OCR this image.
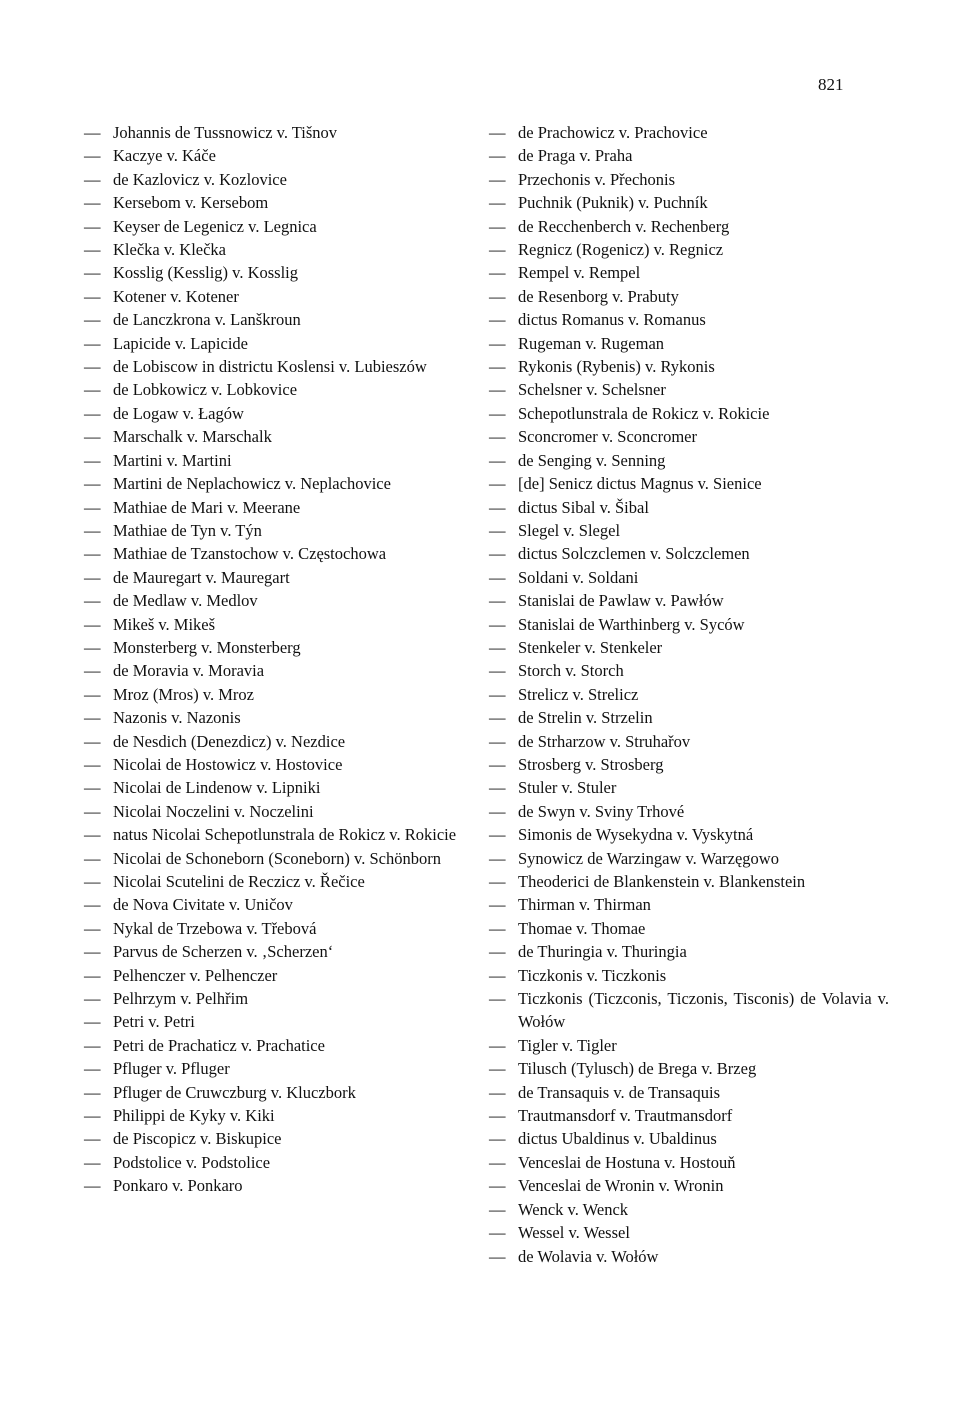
821
— Johannis de Tussnowicz v. Tišnov
— Kaczye v. Káče
— de Kazlovicz v. Kozlovice
— Kersebom v. Kersebom
— Keyser de Legenicz v. Legnica
— Klečka v. Klečka
— Kosslig (Kesslig) v. Kosslig
— Kotener v. Kotener
— de Lanczkrona v. Lanškroun
— Lapicide v. Lapicide
— de Lobiscow in districtu Koslensi v. Lubieszów
— de Lobkowicz v. Lobkovice
— de Logaw v. Łagów
— Marschalk v. Marschalk
— Martini v. Martini
— Martini de Neplachowicz v. Neplachovice
— Mathiae de Mari v. Meerane
— Mathiae de Tyn v. Týn
— Mathiae de Tzanstochow v. Częstochowa
— de Mauregart v. Mauregart
— de Medlaw v. Medlov
— Mikeš v. Mikeš
— Monsterberg v. Monsterberg
— de Moravia v. Moravia
— Mroz (Mros) v. Mroz
— Nazonis v. Nazonis
— de Nesdich (Denezdicz) v. Nezdice
— Nicolai de Hostowicz v. Hostovice
— Nicolai de Lindenow v. Lipniki
— Nicolai Noczelini v. Noczelini
— natus Nicolai Schepotlunstrala de Rokicz v. Rokicie
— Nicolai de Schoneborn (Sconeborn) v. Schönborn
— Nicolai Scutelini de Reczicz v. Řečice
— de Nova Civitate v. Uničov
— Nykal de Trzebowa v. Třebová
— Parvus de Scherzen v. ‚Scherzen‘
— Pelhenczer v. Pelhenczer
— Pelhrzym v. Pelhřim
— Petri v. Petri
— Petri de Prachaticz v. Prachatice
— Pfluger v. Pfluger
— Pfluger de Cruwczburg v. Kluczbork
— Philippi de Kyky v. Kiki
— de Piscopicz v. Biskupice
— Podstolice v. Podstolice
— Ponkaro v. Ponkaro
— de Prachowicz v. Prachovice
— de Praga v. Praha
— Przechonis v. Přechonis
— Puchnik (Puknik) v. Puchník
— de Recchenberch v. Rechenberg
— Regnicz (Rogenicz) v. Regnicz
— Rempel v. Rempel
— de Resenborg v. Prabuty
— dictus Romanus v. Romanus
— Rugeman v. Rugeman
— Rykonis (Rybenis) v. Rykonis
— Schelsner v. Schelsner
— Schepotlunstrala de Rokicz v. Rokicie
— Sconcromer v. Sconcromer
— de Senging v. Senning
— [de] Senicz dictus Magnus v. Sienice
— dictus Sibal v. Šibal
— Slegel v. Slegel
— dictus Solczclemen v. Solczclemen
— Soldani v. Soldani
— Stanislai de Pawlaw v. Pawłów
— Stanislai de Warthinberg v. Syców
— Stenkeler v. Stenkeler
— Storch v. Storch
— Strelicz v. Strelicz
— de Strelin v. Strzelin
— de Strharzow v. Struhařov
— Strosberg v. Strosberg
— Stuler v. Stuler
— de Swyn v. Sviny Trhové
— Simonis de Wysekydna v. Vyskytná
— Synowicz de Warzingaw v. Warzęgowo
— Theoderici de Blankenstein v. Blankenstein
— Thirman v. Thirman
— Thomae v. Thomae
— de Thuringia v. Thuringia
— Ticzkonis v. Ticzkonis
— Ticzkonis (Ticzconis, Ticzonis, Tisconis) de Volavia v. Wołów
— Tigler v. Tigler
— Tilusch (Tylusch) de Brega v. Brzeg
— de Transaquis v. de Transaquis
— Trautmansdorf v. Trautmansdorf
— dictus Ubaldinus v. Ubaldinus
— Venceslai de Hostuna v. Hostouň
— Venceslai de Wronin v. Wronin
— Wenck v. Wenck
— Wessel v. Wessel
— de Wolavia v. Wołów
